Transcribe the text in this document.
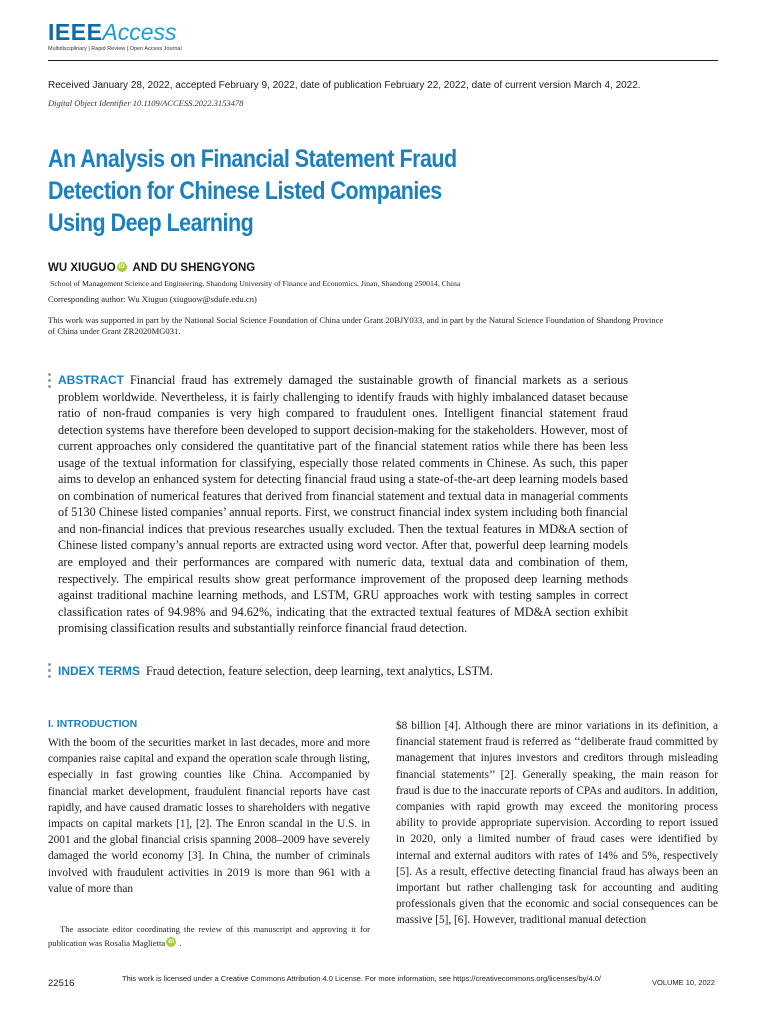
IEEEAccess
Multidisciplinary | Rapid Review | Open Access Journal
Received January 28, 2022, accepted February 9, 2022, date of publication February 22, 2022, date of current version March 4, 2022.
Digital Object Identifier 10.1109/ACCESS.2022.3153478
An Analysis on Financial Statement Fraud
Detection for Chinese Listed Companies
Using Deep Learning
WU XIUGUO iD AND DU SHENGYONG
School of Management Science and Engineering, Shandong University of Finance and Economics, Jinan, Shandong 250014, China
Corresponding author: Wu Xiuguo (xiuguow@sdufe.edu.cn)
This work was supported in part by the National Social Science Foundation of China under Grant 20BJY033, and in part by the Natural Science Foundation of Shandong Province of China under Grant ZR2020MG031.
ABSTRACT Financial fraud has extremely damaged the sustainable growth of financial markets as a serious problem worldwide. Nevertheless, it is fairly challenging to identify frauds with highly imbalanced dataset because ratio of non-fraud companies is very high compared to fraudulent ones. Intelligent financial statement fraud detection systems have therefore been developed to support decision-making for the stakeholders. However, most of current approaches only considered the quantitative part of the financial statement ratios while there has been less usage of the textual information for classifying, especially those related comments in Chinese. As such, this paper aims to develop an enhanced system for detecting financial fraud using a state-of-the-art deep learning models based on combination of numerical features that derived from financial statement and textual data in managerial comments of 5130 Chinese listed companies’ annual reports. First, we construct financial index system including both financial and non-financial indices that previous researches usually excluded. Then the textual features in MD&A section of Chinese listed company’s annual reports are extracted using word vector. After that, powerful deep learning models are employed and their performances are compared with numeric data, textual data and combination of them, respectively. The empirical results show great performance improvement of the proposed deep learning methods against traditional machine learning methods, and LSTM, GRU approaches work with testing samples in correct classification rates of 94.98% and 94.62%, indicating that the extracted textual features of MD&A section exhibit promising classification results and substantially reinforce financial fraud detection.
INDEX TERMS Fraud detection, feature selection, deep learning, text analytics, LSTM.
I. INTRODUCTION
With the boom of the securities market in last decades, more and more companies raise capital and expand the operation scale through listing, especially in fast growing counties like China. Accompanied by financial market development, fraudulent financial reports have cast rapidly, and have caused dramatic losses to shareholders with negative impacts on capital markets [1], [2]. The Enron scandal in the U.S. in 2001 and the global financial crisis spanning 2008–2009 have severely damaged the world economy [3]. In China, the number of criminals involved with fraudulent activities in 2019 is more than 961 with a value of more than
$8 billion [4]. Although there are minor variations in its definition, a financial statement fraud is referred as ‘‘deliberate fraud committed by management that injures investors and creditors through misleading financial statements’’ [2]. Generally speaking, the main reason for fraud is due to the inaccurate reports of CPAs and auditors. In addition, companies with rapid growth may exceed the monitoring process ability to provide appropriate supervision. According to report issued in 2020, only a limited number of fraud cases were identified by internal and external auditors with rates of 14% and 5%, respectively [5]. As a result, effective detecting financial fraud has always been an important but rather challenging task for accounting and auditing professionals given that the economic and social consequences can be massive [5], [6]. However, traditional manual detection
The associate editor coordinating the review of this manuscript and approving it for publication was Rosalia Maglietta iD .
22516	This work is licensed under a Creative Commons Attribution 4.0 License. For more information, see https://creativecommons.org/licenses/by/4.0/	VOLUME 10, 2022
